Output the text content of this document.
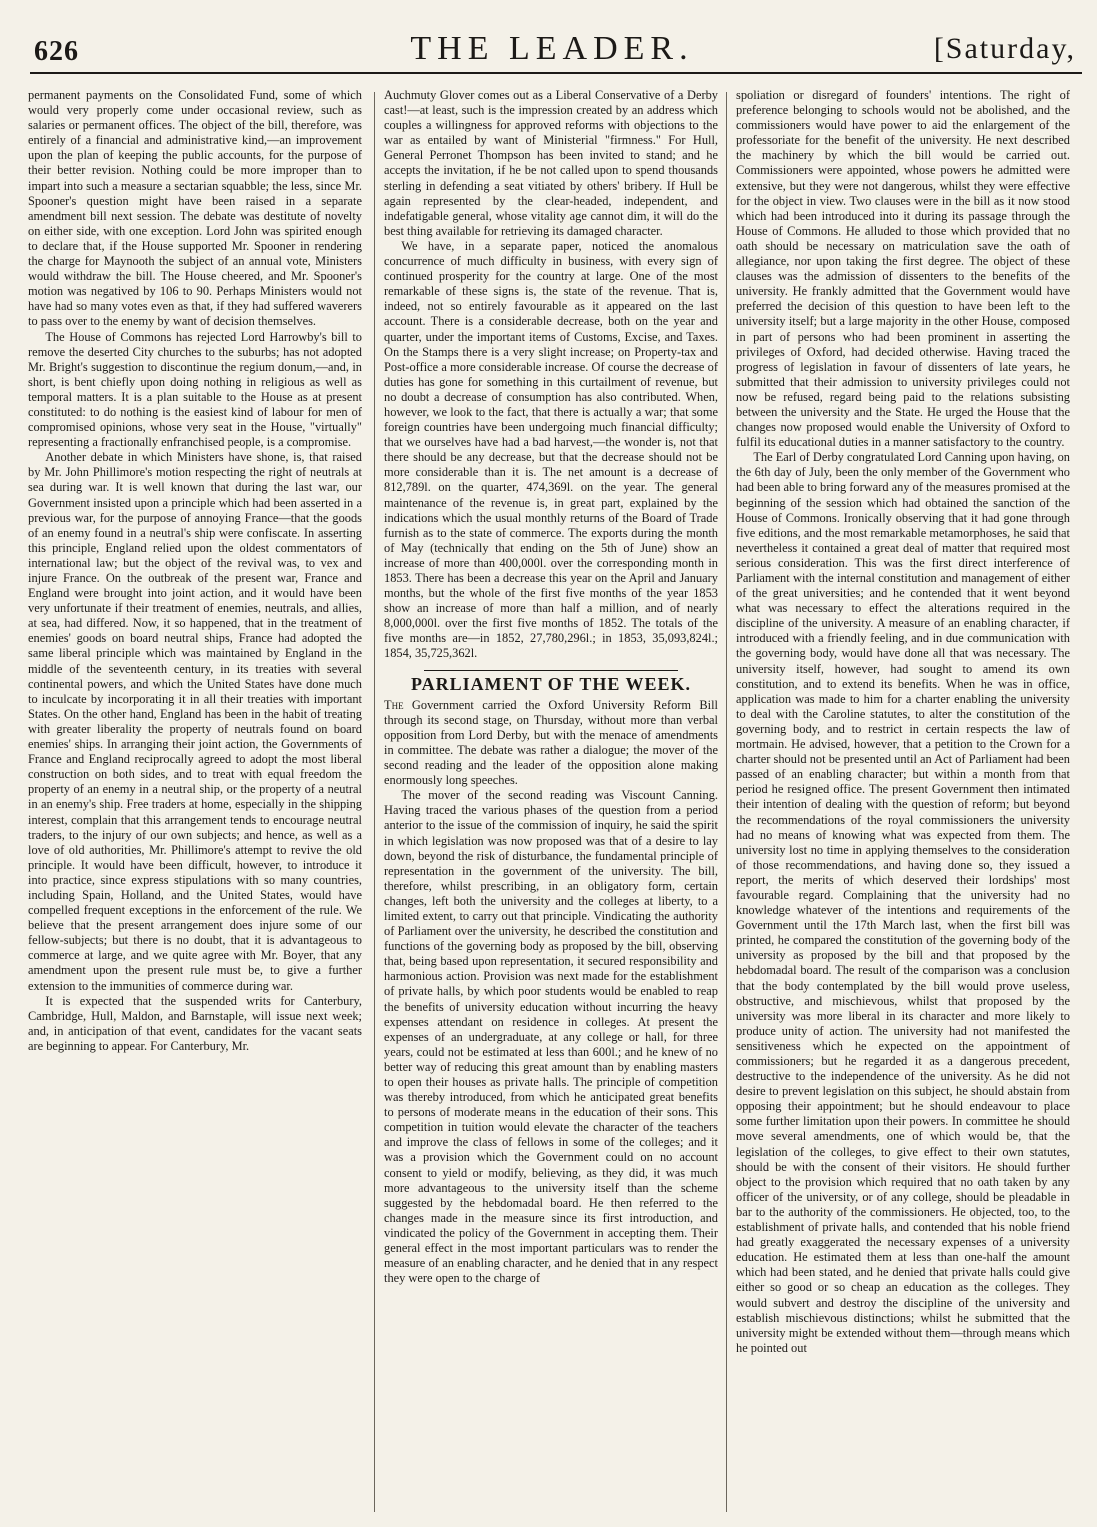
626	THE LEADER.	[Saturday,

permanent payments on the Consolidated Fund, some of which would very properly come under occasional review, such as salaries or permanent offices. The object of the bill, therefore, was entirely of a financial and administrative kind,—an improvement upon the plan of keeping the public accounts, for the purpose of their better revision. Nothing could be more improper than to impart into such a measure a sectarian squabble; the less, since Mr. Spooner's question might have been raised in a separate amendment bill next session. The debate was destitute of novelty on either side, with one exception. Lord John was spirited enough to declare that, if the House supported Mr. Spooner in rendering the charge for Maynooth the subject of an annual vote, Ministers would withdraw the bill. The House cheered, and Mr. Spooner's motion was negatived by 106 to 90. Perhaps Ministers would not have had so many votes even as that, if they had suffered waverers to pass over to the enemy by want of decision themselves.

The House of Commons has rejected Lord Harrowby's bill to remove the deserted City churches to the suburbs; has not adopted Mr. Bright's suggestion to discontinue the regium donum,—and, in short, is bent chiefly upon doing nothing in religious as well as temporal matters. It is a plan suitable to the House as at present constituted: to do nothing is the easiest kind of labour for men of compromised opinions, whose very seat in the House, "virtually" representing a fractionally enfranchised people, is a compromise.

Another debate in which Ministers have shone, is, that raised by Mr. John Phillimore's motion respecting the right of neutrals at sea during war. It is well known that during the last war, our Government insisted upon a principle which had been asserted in a previous war, for the purpose of annoying France—that the goods of an enemy found in a neutral's ship were confiscate. In asserting this principle, England relied upon the oldest commentators of international law; but the object of the revival was, to vex and injure France. On the outbreak of the present war, France and England were brought into joint action, and it would have been very unfortunate if their treatment of enemies, neutrals, and allies, at sea, had differed. Now, it so happened, that in the treatment of enemies' goods on board neutral ships, France had adopted the same liberal principle which was maintained by England in the middle of the seventeenth century, in its treaties with several continental powers, and which the United States have done much to inculcate by incorporating it in all their treaties with important States. On the other hand, England has been in the habit of treating with greater liberality the property of neutrals found on board enemies' ships. In arranging their joint action, the Governments of France and England reciprocally agreed to adopt the most liberal construction on both sides, and to treat with equal freedom the property of an enemy in a neutral ship, or the property of a neutral in an enemy's ship. Free traders at home, especially in the shipping interest, complain that this arrangement tends to encourage neutral traders, to the injury of our own subjects; and hence, as well as a love of old authorities, Mr. Phillimore's attempt to revive the old principle. It would have been difficult, however, to introduce it into practice, since express stipulations with so many countries, including Spain, Holland, and the United States, would have compelled frequent exceptions in the enforcement of the rule. We believe that the present arrangement does injure some of our fellow-subjects; but there is no doubt, that it is advantageous to commerce at large, and we quite agree with Mr. Boyer, that any amendment upon the present rule must be, to give a further extension to the immunities of commerce during war.

It is expected that the suspended writs for Canterbury, Cambridge, Hull, Maldon, and Barnstaple, will issue next week; and, in anticipation of that event, candidates for the vacant seats are beginning to appear. For Canterbury, Mr.

Auchmuty Glover comes out as a Liberal Conservative of a Derby cast!—at least, such is the impression created by an address which couples a willingness for approved reforms with objections to the war as entailed by want of Ministerial "firmness." For Hull, General Perronet Thompson has been invited to stand; and he accepts the invitation, if he be not called upon to spend thousands sterling in defending a seat vitiated by others' bribery. If Hull be again represented by the clear-headed, independent, and indefatigable general, whose vitality age cannot dim, it will do the best thing available for retrieving its damaged character.

We have, in a separate paper, noticed the anomalous concurrence of much difficulty in business, with every sign of continued prosperity for the country at large. One of the most remarkable of these signs is, the state of the revenue. That is, indeed, not so entirely favourable as it appeared on the last account. There is a considerable decrease, both on the year and quarter, under the important items of Customs, Excise, and Taxes. On the Stamps there is a very slight increase; on Property-tax and Post-office a more considerable increase. Of course the decrease of duties has gone for something in this curtailment of revenue, but no doubt a decrease of consumption has also contributed. When, however, we look to the fact, that there is actually a war; that some foreign countries have been undergoing much financial difficulty; that we ourselves have had a bad harvest,—the wonder is, not that there should be any decrease, but that the decrease should not be more considerable than it is. The net amount is a decrease of 812,789l. on the quarter, 474,369l. on the year. The general maintenance of the revenue is, in great part, explained by the indications which the usual monthly returns of the Board of Trade furnish as to the state of commerce. The exports during the month of May (technically that ending on the 5th of June) show an increase of more than 400,000l. over the corresponding month in 1853. There has been a decrease this year on the April and January months, but the whole of the first five months of the year 1853 show an increase of more than half a million, and of nearly 8,000,000l. over the first five months of 1852. The totals of the five months are—in 1852, 27,780,296l.; in 1853, 35,093,824l.; 1854, 35,725,362l.

PARLIAMENT OF THE WEEK.

The Government carried the Oxford University Reform Bill through its second stage, on Thursday, without more than verbal opposition from Lord Derby, but with the menace of amendments in committee. The debate was rather a dialogue; the mover of the second reading and the leader of the opposition alone making enormously long speeches.

The mover of the second reading was Viscount Canning. Having traced the various phases of the question from a period anterior to the issue of the commission of inquiry, he said the spirit in which legislation was now proposed was that of a desire to lay down, beyond the risk of disturbance, the fundamental principle of representation in the government of the university. The bill, therefore, whilst prescribing, in an obligatory form, certain changes, left both the university and the colleges at liberty, to a limited extent, to carry out that principle. Vindicating the authority of Parliament over the university, he described the constitution and functions of the governing body as proposed by the bill, observing that, being based upon representation, it secured responsibility and harmonious action. Provision was next made for the establishment of private halls, by which poor students would be enabled to reap the benefits of university education without incurring the heavy expenses attendant on residence in colleges. At present the expenses of an undergraduate, at any college or hall, for three years, could not be estimated at less than 600l.; and he knew of no better way of reducing this great amount than by enabling masters to open their houses as private halls. The principle of competition was thereby introduced, from which he anticipated great benefits to persons of moderate means in the education of their sons. This competition in tuition would elevate the character of the teachers and improve the class of fellows in some of the colleges; and it was a provision which the Government could on no account consent to yield or modify, believing, as they did, it was much more advantageous to the university itself than the scheme suggested by the hebdomadal board. He then referred to the changes made in the measure since its first introduction, and vindicated the policy of the Government in accepting them. Their general effect in the most important particulars was to render the measure of an enabling character, and he denied that in any respect they were open to the charge of

spoliation or disregard of founders' intentions. The right of preference belonging to schools would not be abolished, and the commissioners would have power to aid the enlargement of the professoriate for the benefit of the university. He next described the machinery by which the bill would be carried out. Commissioners were appointed, whose powers he admitted were extensive, but they were not dangerous, whilst they were effective for the object in view. Two clauses were in the bill as it now stood which had been introduced into it during its passage through the House of Commons. He alluded to those which provided that no oath should be necessary on matriculation save the oath of allegiance, nor upon taking the first degree. The object of these clauses was the admission of dissenters to the benefits of the university. He frankly admitted that the Government would have preferred the decision of this question to have been left to the university itself; but a large majority in the other House, composed in part of persons who had been prominent in asserting the privileges of Oxford, had decided otherwise. Having traced the progress of legislation in favour of dissenters of late years, he submitted that their admission to university privileges could not now be refused, regard being paid to the relations subsisting between the university and the State. He urged the House that the changes now proposed would enable the University of Oxford to fulfil its educational duties in a manner satisfactory to the country.

The Earl of Derby congratulated Lord Canning upon having, on the 6th day of July, been the only member of the Government who had been able to bring forward any of the measures promised at the beginning of the session which had obtained the sanction of the House of Commons. Ironically observing that it had gone through five editions, and the most remarkable metamorphoses, he said that nevertheless it contained a great deal of matter that required most serious consideration. This was the first direct interference of Parliament with the internal constitution and management of either of the great universities; and he contended that it went beyond what was necessary to effect the alterations required in the discipline of the university. A measure of an enabling character, if introduced with a friendly feeling, and in due communication with the governing body, would have done all that was necessary. The university itself, however, had sought to amend its own constitution, and to extend its benefits. When he was in office, application was made to him for a charter enabling the university to deal with the Caroline statutes, to alter the constitution of the governing body, and to restrict in certain respects the law of mortmain. He advised, however, that a petition to the Crown for a charter should not be presented until an Act of Parliament had been passed of an enabling character; but within a month from that period he resigned office. The present Government then intimated their intention of dealing with the question of reform; but beyond the recommendations of the royal commissioners the university had no means of knowing what was expected from them. The university lost no time in applying themselves to the consideration of those recommendations, and having done so, they issued a report, the merits of which deserved their lordships' most favourable regard. Complaining that the university had no knowledge whatever of the intentions and requirements of the Government until the 17th March last, when the first bill was printed, he compared the constitution of the governing body of the university as proposed by the bill and that proposed by the hebdomadal board. The result of the comparison was a conclusion that the body contemplated by the bill would prove useless, obstructive, and mischievous, whilst that proposed by the university was more liberal in its character and more likely to produce unity of action. The university had not manifested the sensitiveness which he expected on the appointment of commissioners; but he regarded it as a dangerous precedent, destructive to the independence of the university. As he did not desire to prevent legislation on this subject, he should abstain from opposing their appointment; but he should endeavour to place some further limitation upon their powers. In committee he should move several amendments, one of which would be, that the legislation of the colleges, to give effect to their own statutes, should be with the consent of their visitors. He should further object to the provision which required that no oath taken by any officer of the university, or of any college, should be pleadable in bar to the authority of the commissioners. He objected, too, to the establishment of private halls, and contended that his noble friend had greatly exaggerated the necessary expenses of a university education. He estimated them at less than one-half the amount which had been stated, and he denied that private halls could give either so good or so cheap an education as the colleges. They would subvert and destroy the discipline of the university and establish mischievous distinctions; whilst he submitted that the university might be extended without them—through means which he pointed out
